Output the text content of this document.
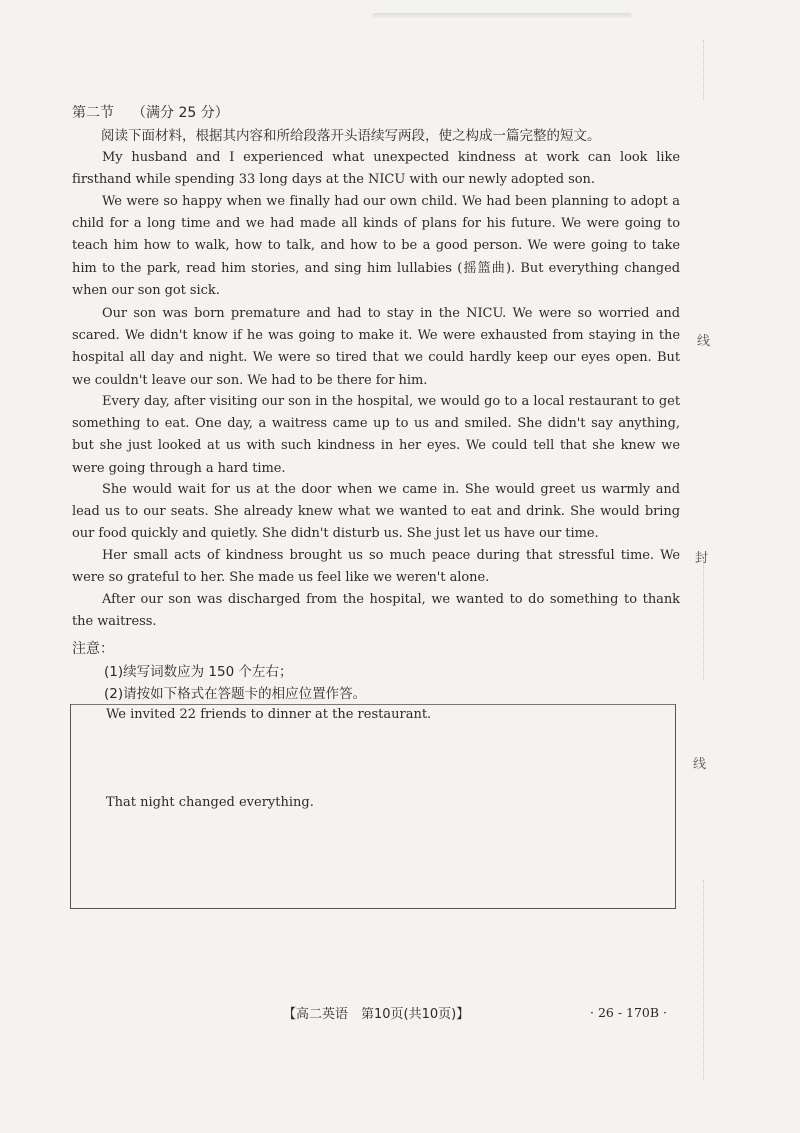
第二节 （满分 25 分）
阅读下面材料，根据其内容和所给段落开头语续写两段，使之构成一篇完整的短文。

My husband and I experienced what unexpected kindness at work can look like firsthand while spending 33 long days at the NICU with our newly adopted son.

We were so happy when we finally had our own child. We had been planning to adopt a child for a long time and we had made all kinds of plans for his future. We were going to teach him how to walk, how to talk, and how to be a good person. We were going to take him to the park, read him stories, and sing him lullabies (摇篮曲). But everything changed when our son got sick.

Our son was born premature and had to stay in the NICU. We were so worried and scared. We didn't know if he was going to make it. We were exhausted from staying in the hospital all day and night. We were so tired that we could hardly keep our eyes open. But we couldn't leave our son. We had to be there for him.

Every day, after visiting our son in the hospital, we would go to a local restaurant to get something to eat. One day, a waitress came up to us and smiled. She didn't say anything, but she just looked at us with such kindness in her eyes. We could tell that she knew we were going through a hard time.

She would wait for us at the door when we came in. She would greet us warmly and lead us to our seats. She already knew what we wanted to eat and drink. She would bring our food quickly and quietly. She didn't disturb us. She just let us have our time.

Her small acts of kindness brought us so much peace during that stressful time. We were so grateful to her. She made us feel like we weren't alone.

After our son was discharged from the hospital, we wanted to do something to thank the waitress.

注意：
(1)续写词数应为 150 个左右；
(2)请按如下格式在答题卡的相应位置作答。
We invited 22 friends to dinner at the restaurant.
That night changed everything.
【高二英语　第10页(共10页)】	· 26 - 170B ·
线
封
线
